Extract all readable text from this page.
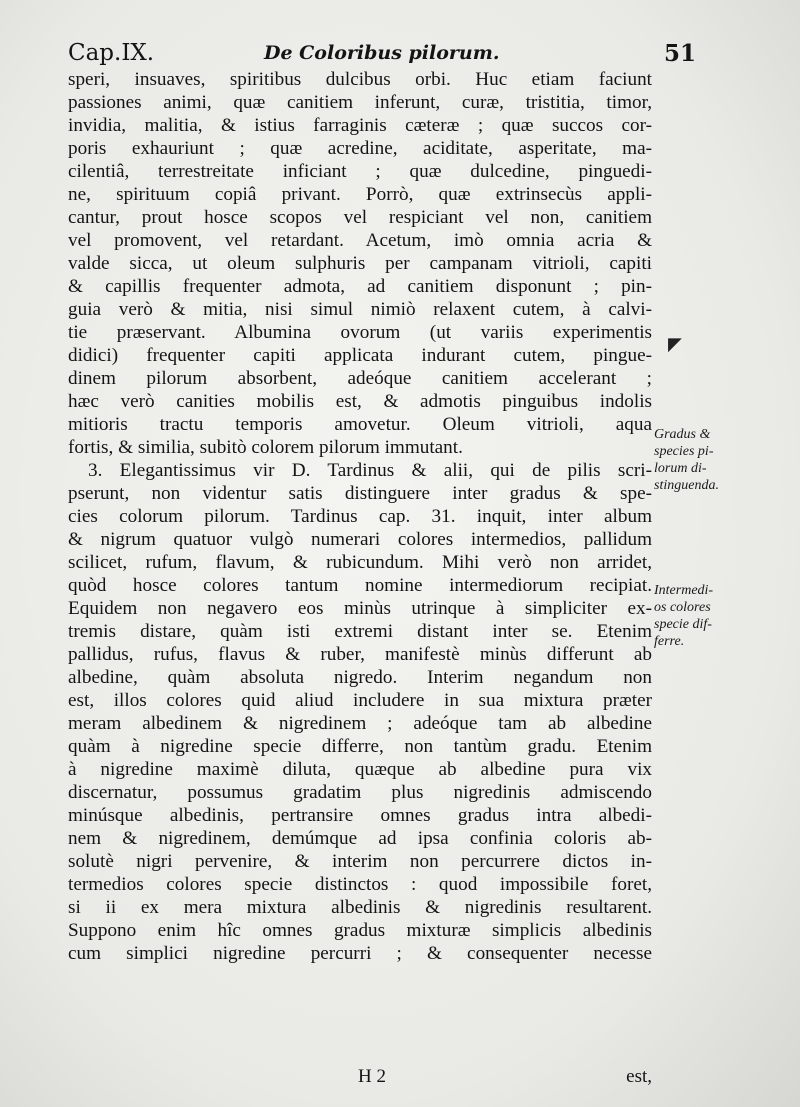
Cap.IX.	De Coloribus pilorum.	51
speri, insuaves, spiritibus dulcibus orbi. Huc etiam faciunt
passiones animi, quæ canitiem inferunt, curæ, tristitia, timor,
invidia, malitia, & istius farraginis cæteræ ; quæ succos cor-
poris exhauriunt ; quæ acredine, aciditate, asperitate, ma-
cilentiâ, terrestreitate inficiant ; quæ dulcedine, pinguedi-
ne, spirituum copiâ privant. Porrò, quæ extrinsecùs appli-
cantur, prout hosce scopos vel respiciant vel non, canitiem
vel promovent, vel retardant. Acetum, imò omnia acria &
valde sicca, ut oleum sulphuris per campanam vitrioli, capiti
& capillis frequenter admota, ad canitiem disponunt ; pin-
guia verò & mitia, nisi simul nimiò relaxent cutem, à calvi-
tie præservant. Albumina ovorum (ut variis experimentis
didici) frequenter capiti applicata indurant cutem, pingue-
dinem pilorum absorbent, adeóque canitiem accelerant ;
hæc verò canities mobilis est, & admotis pinguibus indolis
mitioris tractu temporis amovetur. Oleum vitrioli, aqua
fortis, & similia, subitò colorem pilorum immutant.
3. Elegantissimus vir D. Tardinus & alii, qui de pilis scri-
pserunt, non videntur satis distinguere inter gradus & spe-
cies colorum pilorum. Tardinus cap. 31. inquit, inter album
& nigrum quatuor vulgò numerari colores intermedios, pallidum
scilicet, rufum, flavum, & rubicundum. Mihi verò non arridet,
quòd hosce colores tantum nomine intermediorum recipiat.
Equidem non negavero eos minùs utrinque à simpliciter ex-
tremis distare, quàm isti extremi distant inter se. Etenim
pallidus, rufus, flavus & ruber, manifestè minùs differunt ab
albedine, quàm absoluta nigredo. Interim negandum non
est, illos colores quid aliud includere in sua mixtura præter
meram albedinem & nigredinem ; adeóque tam ab albedine
quàm à nigredine specie differre, non tantùm gradu. Etenim
à nigredine maximè diluta, quæque ab albedine pura vix
discernatur, possumus gradatim plus nigredinis admiscendo
minúsque albedinis, pertransire omnes gradus intra albedi-
nem & nigredinem, demúmque ad ipsa confinia coloris ab-
solutè nigri pervenire, & interim non percurrere dictos in-
termedios colores specie distinctos : quod impossibile foret,
si ii ex mera mixtura albedinis & nigredinis resultarent.
Suppono enim hîc omnes gradus mixturæ simplicis albedinis
cum simplici nigredine percurri ; & consequenter necesse
Gradus &
species pi-
lorum di-
stinguenda.
Intermedi-
os colores
specie dif-
ferre.
◤

H 2	est,
